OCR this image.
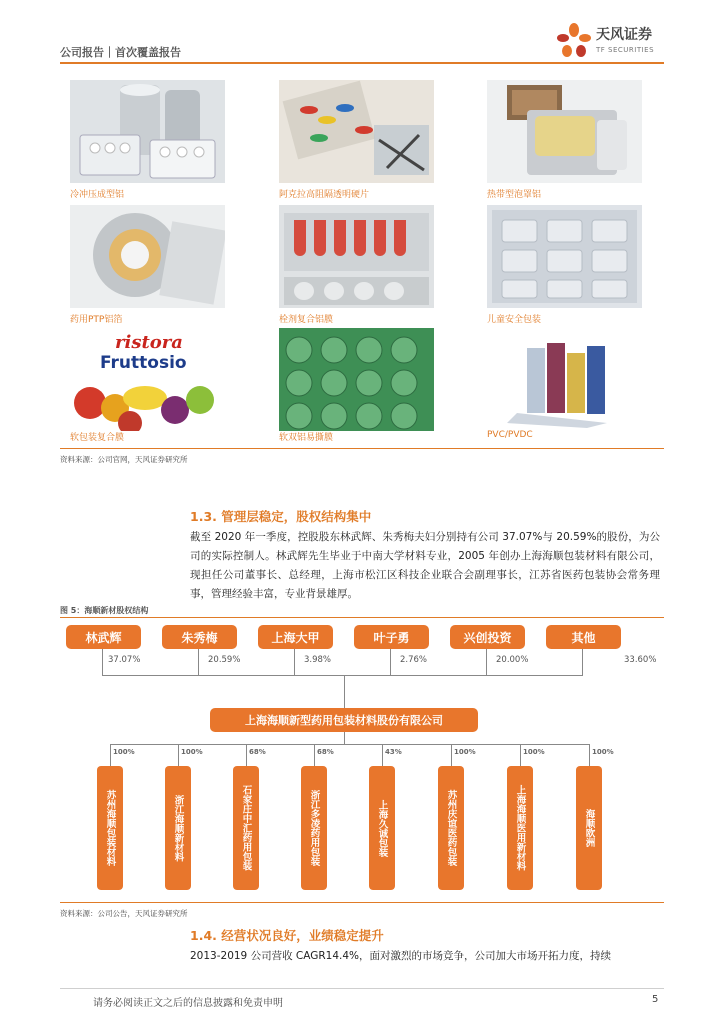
公司报告｜首次覆盖报告
天风证券
TF SECURITIES
冷冲压成型铝	阿克拉高阻隔透明硬片	热带型泡罩铝
药用PTP铝箔	栓剂复合铝膜	儿童安全包装
ristora
Fruttosio
软包装复合膜	软双铝易撕膜	PVC/PVDC
资料来源：公司官网，天风证券研究所
1.3. 管理层稳定，股权结构集中
截至 2020 年一季度，控股股东林武辉、朱秀梅夫妇分别持有公司 37.07%与 20.59%的股份，为公司的实际控制人。林武辉先生毕业于中南大学材料专业，2005 年创办上海海顺包装材料有限公司，现担任公司董事长、总经理，上海市松江区科技企业联合会副理事长，江苏省医药包装协会常务理事，管理经验丰富，专业背景雄厚。
图 5：海顺新材股权结构
林武辉	朱秀梅	上海大甲	叶子勇	兴创投资	其他
37.07%	20.59%	3.98%	2.76%	20.00%	33.60%
上海海顺新型药用包装材料股份有限公司
100%	100%	68%	68%	43%	100%	100%	100%
苏州海顺包装材料	浙江海顺新材料	石家庄中汇药用包装	浙江多凌药用包装	上海久诚包装	苏州庆谊医药包装	上海海顺医用新材料	海顺欧洲
资料来源：公司公告，天风证券研究所
1.4. 经营状况良好，业绩稳定提升
2013-2019 公司营收 CAGR14.4%，面对激烈的市场竞争，公司加大市场开拓力度，持续
请务必阅读正文之后的信息披露和免责申明	5
